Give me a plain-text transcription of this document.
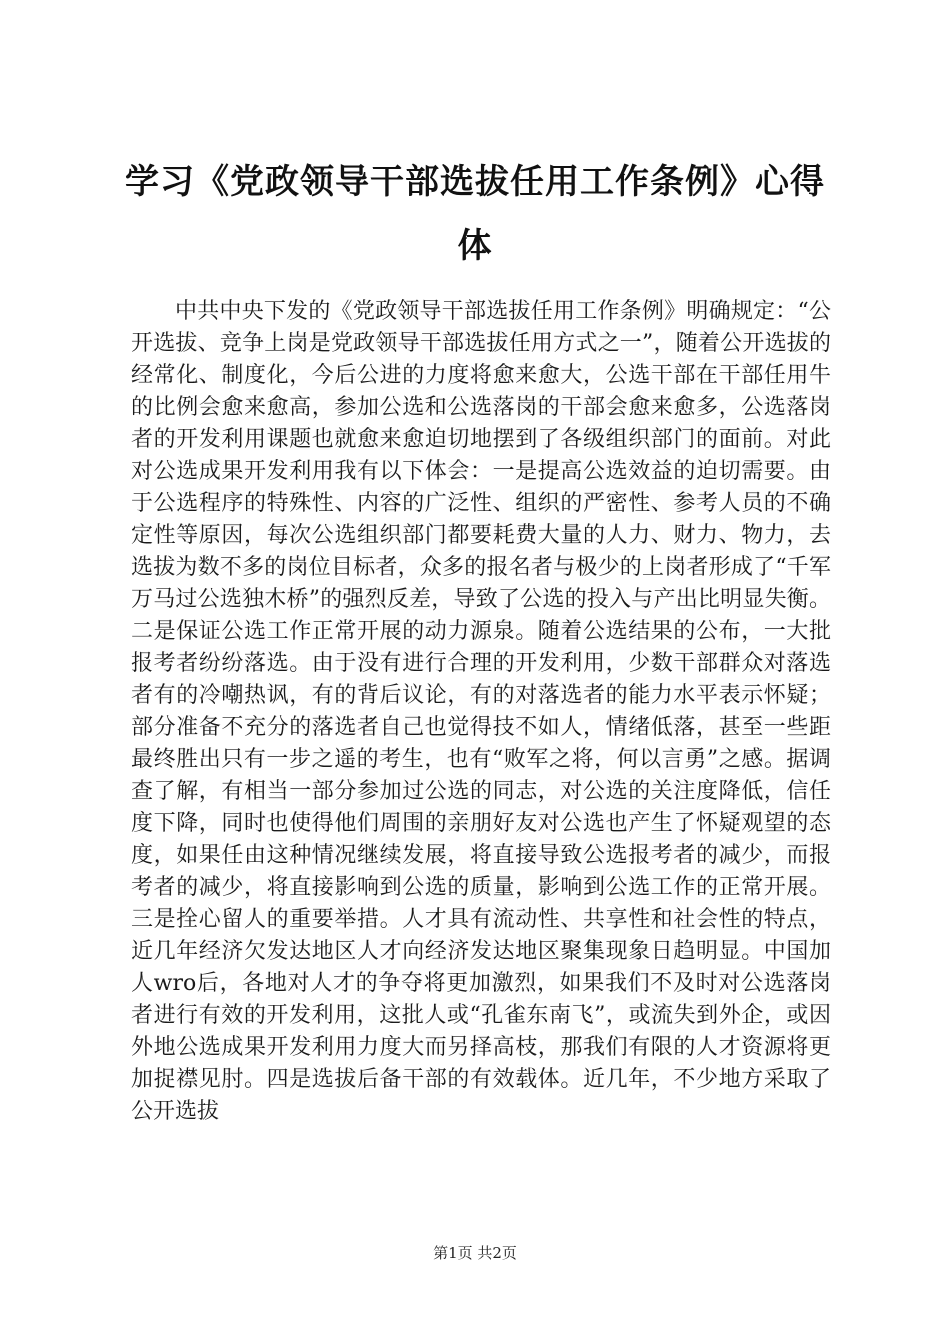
学习《党政领导干部选拔任用工作条例》心得体

中共中央下发的《党政领导干部选拔任用工作条例》明确规定：“公开选拔、竞争上岗是党政领导干部选拔任用方式之一”，随着公开选拔的经常化、制度化，今后公进的力度将愈来愈大，公选干部在干部任用牛的比例会愈来愈高，参加公选和公选落岗的干部会愈来愈多，公选落岗者的开发利用课题也就愈来愈迫切地摆到了各级组织部门的面前。对此对公选成果开发利用我有以下体会：一是提高公选效益的迫切需要。由于公选程序的特殊性、内容的广泛性、组织的严密性、参考人员的不确定性等原因，每次公选组织部门都要耗费大量的人力、财力、物力，去选拔为数不多的岗位目标者，众多的报名者与极少的上岗者形成了“千军万马过公选独木桥”的强烈反差，导致了公选的投入与产出比明显失衡。二是保证公选工作正常开展的动力源泉。随着公选结果的公布，一大批报考者纷纷落选。由于没有进行合理的开发利用，少数干部群众对落选者有的冷嘲热讽，有的背后议论，有的对落选者的能力水平表示怀疑；部分准备不充分的落选者自己也觉得技不如人，情绪低落，甚至一些距最终胜出只有一步之遥的考生，也有“败军之将，何以言勇”之感。据调查了解，有相当一部分参加过公选的同志，对公选的关注度降低，信任度下降，同时也使得他们周围的亲朋好友对公选也产生了怀疑观望的态度，如果任由这种情况继续发展，将直接导致公选报考者的减少，而报考者的减少，将直接影响到公选的质量，影响到公选工作的正常开展。三是拴心留人的重要举措。人才具有流动性、共享性和社会性的特点，近几年经济欠发达地区人才向经济发达地区聚集现象日趋明显。中国加人wro后，各地对人才的争夺将更加激烈，如果我们不及时对公选落岗者进行有效的开发利用，这批人或“孔雀东南飞”，或流失到外企，或因外地公选成果开发利用力度大而另择高枝，那我们有限的人才资源将更加捉襟见肘。四是选拔后备干部的有效载体。近几年，不少地方采取了公开选拔

第1页 共2页
